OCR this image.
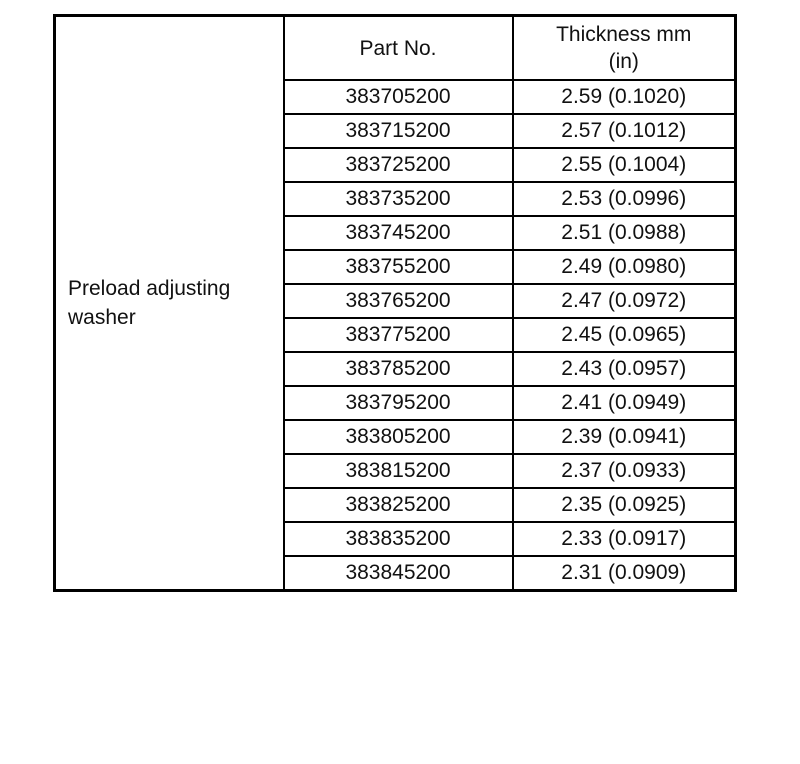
Preload adjusting washer	Part No.	Thickness mm (in)
	383705200	2.59 (0.1020)
	383715200	2.57 (0.1012)
	383725200	2.55 (0.1004)
	383735200	2.53 (0.0996)
	383745200	2.51 (0.0988)
	383755200	2.49 (0.0980)
	383765200	2.47 (0.0972)
	383775200	2.45 (0.0965)
	383785200	2.43 (0.0957)
	383795200	2.41 (0.0949)
	383805200	2.39 (0.0941)
	383815200	2.37 (0.0933)
	383825200	2.35 (0.0925)
	383835200	2.33 (0.0917)
	383845200	2.31 (0.0909)
